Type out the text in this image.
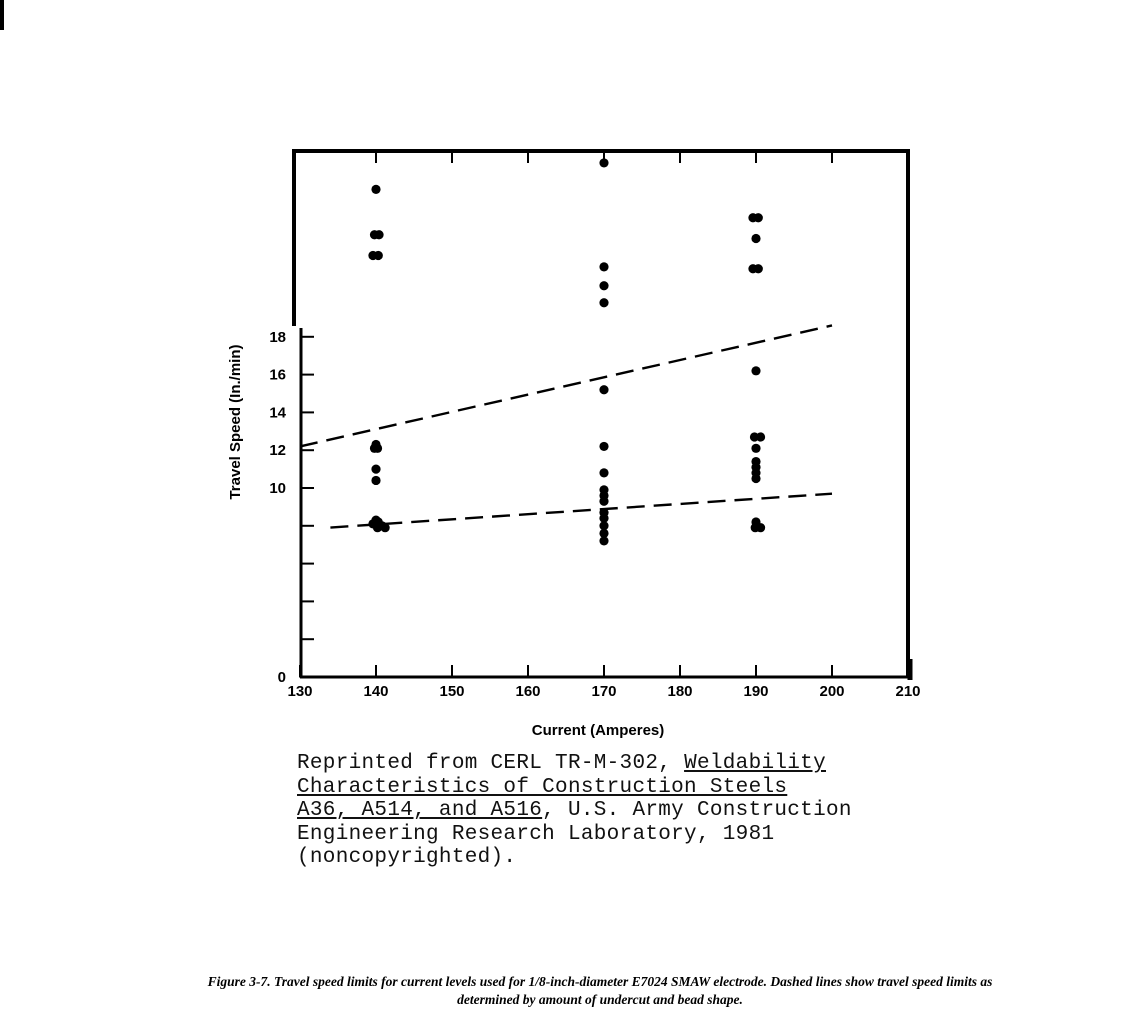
130	140	150	160	170	180	190	200	210
0
10
12
14
16
18
Current (Amperes)
Travel Speed (In./min)
Reprinted from CERL TR-M-302, Weldability
Characteristics of Construction Steels
A36, A514, and A516, U.S. Army Construction
Engineering Research Laboratory, 1981
(noncopyrighted).
Figure 3-7. Travel speed limits for current levels used for 1/8-inch-diameter E7024 SMAW electrode. Dashed lines show travel speed limits as
determined by amount of undercut and bead shape.
